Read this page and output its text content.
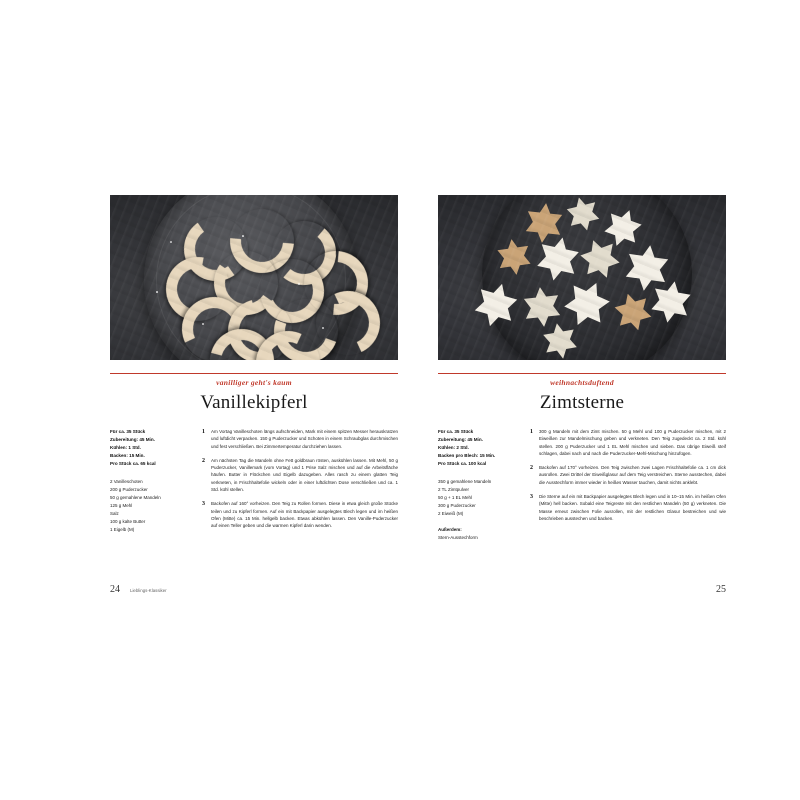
vanilliger geht's kaum
Vanillekipferl
Für ca. 35 Stück
Zubereitung: 45 Min.
Kühlen: 1 Std.
Backen: 15 Min.
Pro Stück ca. 65 kcal
2 Vanilleschoten
200 g Puderzucker
50 g gemahlene Mandeln
125 g Mehl
Salz
100 g kalte Butter
1 Eigelb (M)
1	Am Vortag Vanilleschoten längs aufschneiden, Mark mit einem spitzen Messer herauskratzen und luftdicht verpacken. 150 g Puderzucker und Schoten in einem Schraubglas durchmischen und fest verschließen. Bei Zimmertemperatur durchziehen lassen.
2	Am nächsten Tag die Mandeln ohne Fett goldbraun rösten, auskühlen lassen. Mit Mehl, 50 g Puderzucker, Vanillemark (vom Vortag) und 1 Prise Salz mischen und auf die Arbeitsfläche häufen. Butter in Flöckchen und Eigelb dazugeben. Alles rasch zu einem glatten Teig verkneten, in Frischhaltefolie wickeln oder in einer luftdichten Dose verschließen und ca. 1 Std. kühl stellen.
3	Backofen auf 160° vorheizen. Den Teig zu Rollen formen. Diese in etwa gleich große Stücke teilen und zu Kipferl formen. Auf ein mit Backpapier ausgelegtes Blech legen und im heißen Ofen (Mitte) ca. 15 Min. hellgelb backen. Etwas abkühlen lassen. Den Vanille-Puderzucker auf einen Teller geben und die warmen Kipferl darin wenden.
24 Lieblings-Klassiker
weihnachtsduftend
Zimtsterne
Für ca. 35 Stück
Zubereitung: 45 Min.
Kühlen: 2 Std.
Backen pro Blech: 15 Min.
Pro Stück ca. 100 kcal
350 g gemahlene Mandeln
2 TL Zimtpulver
50 g + 1 EL Mehl
300 g Puderzucker
2 Eiweiß (M)
Außerdem:
Stern-Ausstechform
1	300 g Mandeln mit dem Zimt mischen. 50 g Mehl und 100 g Puderzucker mischen, mit 2 Eiweißen zur Mandelmischung geben und verkneten. Den Teig zugedeckt ca. 2 Std. kühl stellen. 200 g Puderzucker und 1 EL Mehl mischen und sieben. Das übrige Eiweiß steif schlagen, dabei nach und nach die Puderzucker-Mehl-Mischung hinzufügen.
2	Backofen auf 170° vorheizen. Den Teig zwischen zwei Lagen Frischhaltefolie ca. 1 cm dick ausrollen. Zwei Drittel der Eiweißglasur auf dem Teig verstreichen. Sterne ausstechen, dabei die Ausstechform immer wieder in heißes Wasser tauchen, damit nichts anklebt.
3	Die Sterne auf ein mit Backpapier ausgelegtes Blech legen und in 10–15 Min. im heißen Ofen (Mitte) hell backen. Sobald eine Teigreste mit den restlichen Mandeln (50 g) verkneten. Die Masse erneut zwischen Folie ausrollen, mit der restlichen Glasur bestreichen und wie beschrieben ausstechen und backen.
25
